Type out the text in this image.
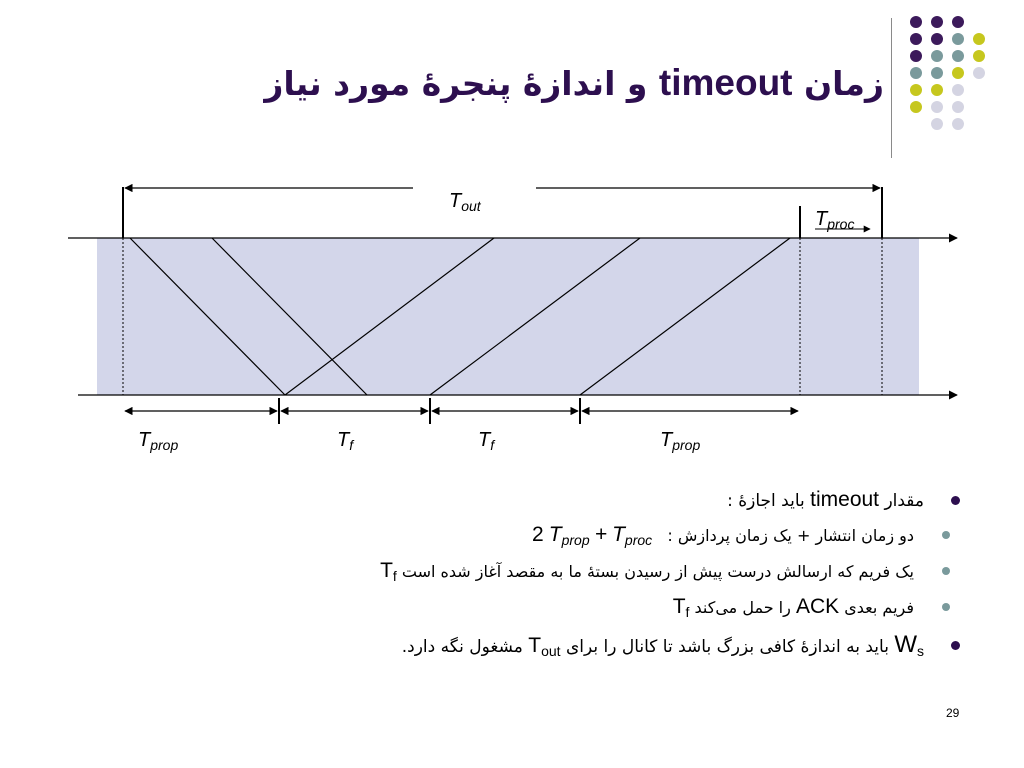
زمان timeout و اندازهٔ پنجرهٔ مورد نیاز
$T_{out}$
$T_{proc}$
$T_{prop}$	$T_f$	$T_f$	$T_{prop}$
مقدار timeout باید اجازهٔ :
دو زمان انتشار + یک زمان پردازش :   2 $T_{prop} + T_{proc}$
یک فریم که ارسالش درست پیش از رسیدن بستهٔ ما به مقصد آغاز شده است $T_f$
فریم بعدی ACK را حمل می‌کند $T_f$
$W_s$ باید به اندازهٔ کافی بزرگ باشد تا کانال را برای $T_{out}$ مشغول نگه دارد.
29
